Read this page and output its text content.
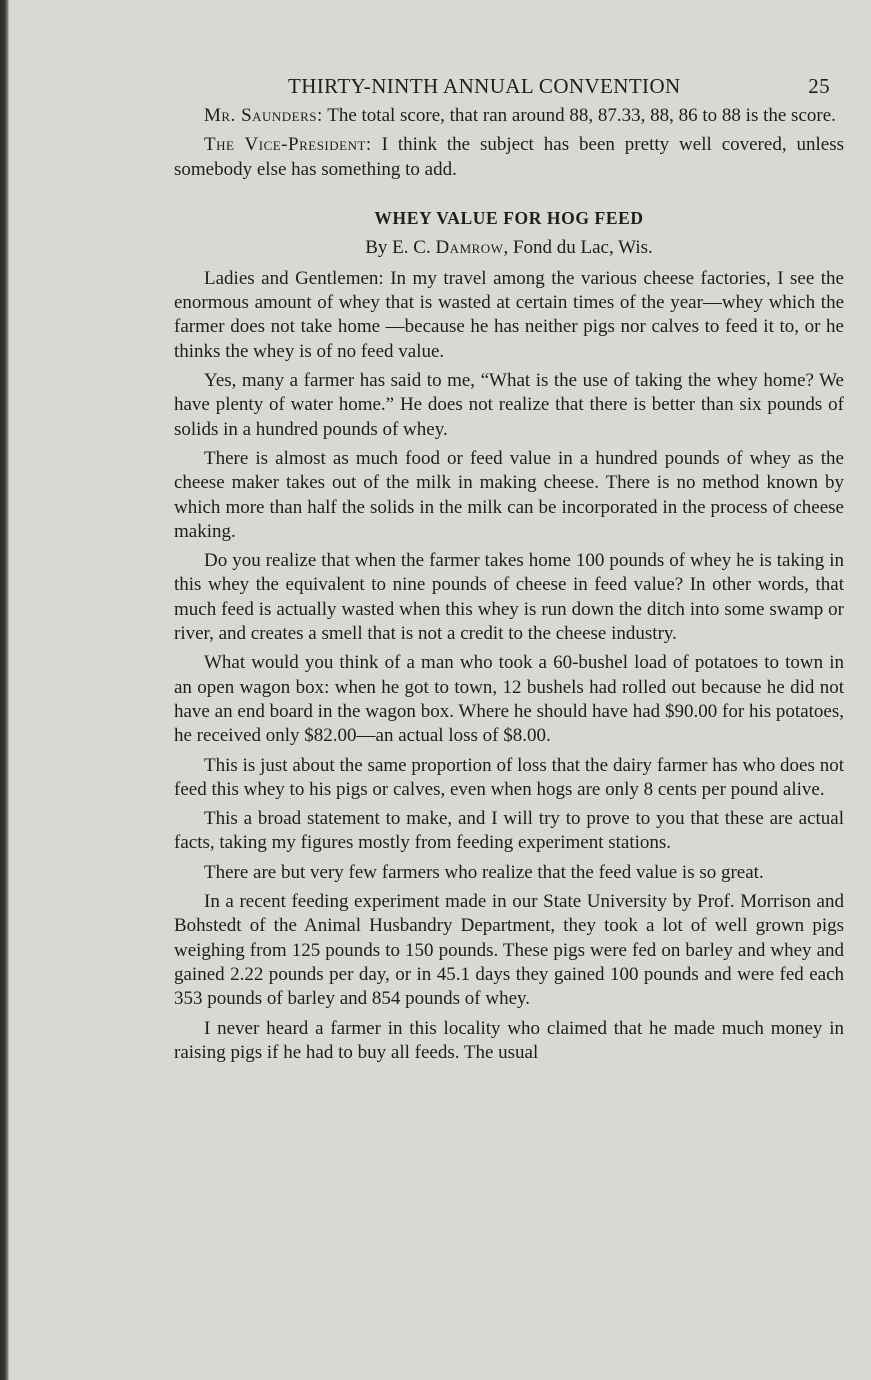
THIRTY-NINTH ANNUAL CONVENTION	25

Mr. Saunders: The total score, that ran around 88, 87.33, 88, 86 to 88 is the score.

The Vice-President: I think the subject has been pretty well covered, unless somebody else has something to add.

WHEY VALUE FOR HOG FEED
By E. C. Damrow, Fond du Lac, Wis.

Ladies and Gentlemen: In my travel among the various cheese factories, I see the enormous amount of whey that is wasted at certain times of the year—whey which the farmer does not take home —because he has neither pigs nor calves to feed it to, or he thinks the whey is of no feed value.

Yes, many a farmer has said to me, “What is the use of taking the whey home? We have plenty of water home.” He does not realize that there is better than six pounds of solids in a hundred pounds of whey.

There is almost as much food or feed value in a hundred pounds of whey as the cheese maker takes out of the milk in making cheese. There is no method known by which more than half the solids in the milk can be incorporated in the process of cheese making.

Do you realize that when the farmer takes home 100 pounds of whey he is taking in this whey the equivalent to nine pounds of cheese in feed value? In other words, that much feed is actually wasted when this whey is run down the ditch into some swamp or river, and creates a smell that is not a credit to the cheese industry.

What would you think of a man who took a 60-bushel load of potatoes to town in an open wagon box: when he got to town, 12 bushels had rolled out because he did not have an end board in the wagon box. Where he should have had $90.00 for his potatoes, he received only $82.00—an actual loss of $8.00.

This is just about the same proportion of loss that the dairy farmer has who does not feed this whey to his pigs or calves, even when hogs are only 8 cents per pound alive.

This a broad statement to make, and I will try to prove to you that these are actual facts, taking my figures mostly from feeding experiment stations.

There are but very few farmers who realize that the feed value is so great.

In a recent feeding experiment made in our State University by Prof. Morrison and Bohstedt of the Animal Husbandry Department, they took a lot of well grown pigs weighing from 125 pounds to 150 pounds. These pigs were fed on barley and whey and gained 2.22 pounds per day, or in 45.1 days they gained 100 pounds and were fed each 353 pounds of barley and 854 pounds of whey.

I never heard a farmer in this locality who claimed that he made much money in raising pigs if he had to buy all feeds. The usual
